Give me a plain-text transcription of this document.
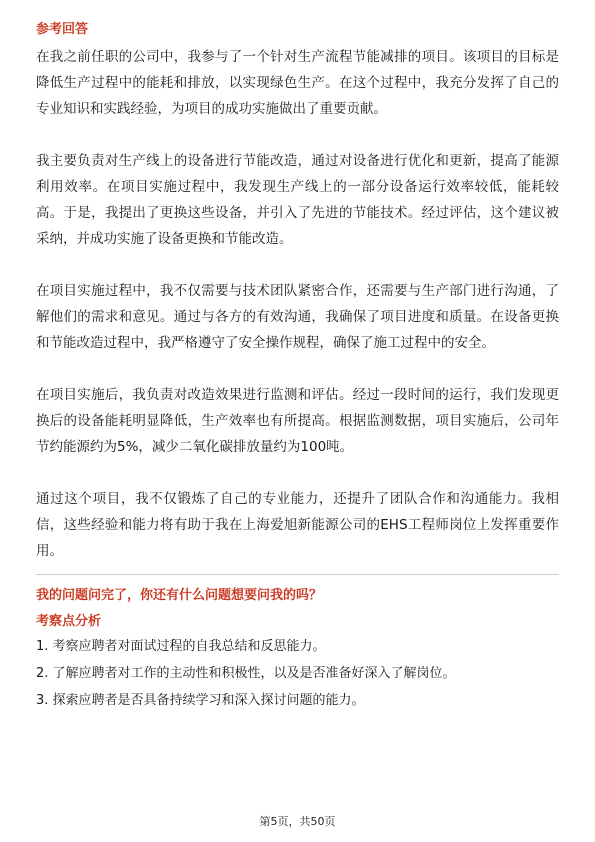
参考回答

在我之前任职的公司中，我参与了一个针对生产流程节能减排的项目。该项目的目标是降低生产过程中的能耗和排放，以实现绿色生产。在这个过程中，我充分发挥了自己的专业知识和实践经验，为项目的成功实施做出了重要贡献。

我主要负责对生产线上的设备进行节能改造，通过对设备进行优化和更新，提高了能源利用效率。在项目实施过程中，我发现生产线上的一部分设备运行效率较低，能耗较高。于是，我提出了更换这些设备，并引入了先进的节能技术。经过评估，这个建议被采纳，并成功实施了设备更换和节能改造。

在项目实施过程中，我不仅需要与技术团队紧密合作，还需要与生产部门进行沟通，了解他们的需求和意见。通过与各方的有效沟通，我确保了项目进度和质量。在设备更换和节能改造过程中，我严格遵守了安全操作规程，确保了施工过程中的安全。

在项目实施后，我负责对改造效果进行监测和评估。经过一段时间的运行，我们发现更换后的设备能耗明显降低，生产效率也有所提高。根据监测数据，项目实施后，公司年节约能源约为5%，减少二氧化碳排放量约为100吨。

通过这个项目，我不仅锻炼了自己的专业能力，还提升了团队合作和沟通能力。我相信，这些经验和能力将有助于我在上海爱旭新能源公司的EHS工程师岗位上发挥重要作用。

我的问题问完了，你还有什么问题想要问我的吗？
考察点分析
1. 考察应聘者对面试过程的自我总结和反思能力。
2. 了解应聘者对工作的主动性和积极性，以及是否准备好深入了解岗位。
3. 探索应聘者是否具备持续学习和深入探讨问题的能力。
第5页，共50页
